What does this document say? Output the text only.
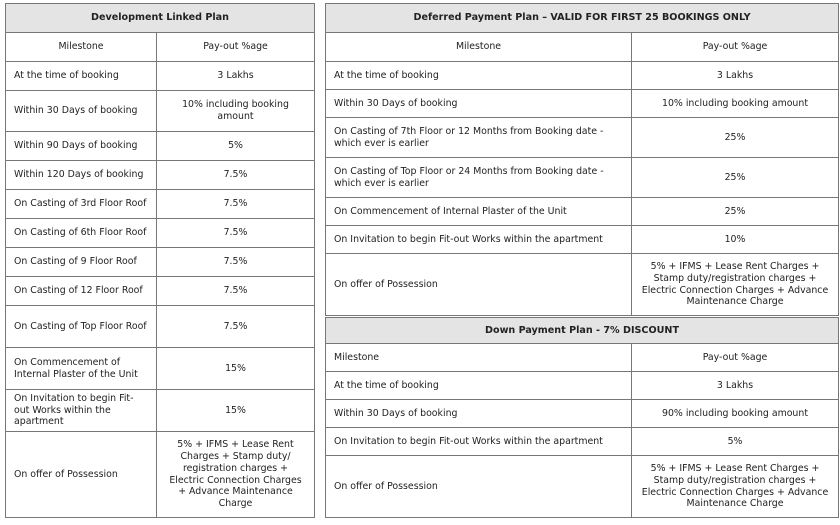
Development Linked Plan	
Milestone	Pay-out %age
At the time of booking	3 Lakhs
Within 30 Days of booking	10% including booking amount
Within 90 Days of booking	5%
Within 120 Days of booking	7.5%
On Casting of 3rd Floor Roof	7.5%
On Casting of 6th Floor Roof	7.5%
On Casting of 9 Floor Roof	7.5%
On Casting of 12 Floor Roof	7.5%
On Casting of Top Floor Roof	7.5%
On Commencement of Internal Plaster of the Unit	15%
On Invitation to begin Fit-out Works within the apartment	15%
On offer of Possession	5% + IFMS + Lease Rent Charges + Stamp duty/ registration charges + Electric Connection Charges + Advance Maintenance Charge
Deferred Payment Plan – VALID FOR FIRST 25 BOOKINGS ONLY	
Milestone	Pay-out %age
At the time of booking	3 Lakhs
Within 30 Days of booking	10% including booking amount
On Casting of 7th Floor or 12 Months from Booking date - which ever is earlier	25%
On Casting of Top Floor or 24 Months from Booking date - which ever is earlier	25%
On Commencement of Internal Plaster of the Unit	25%
On Invitation to begin Fit-out Works within the apartment	10%
On offer of Possession	5% + IFMS + Lease Rent Charges + Stamp duty/registration charges + Electric Connection Charges + Advance Maintenance Charge
Down Payment Plan - 7% DISCOUNT	
Milestone	Pay-out %age
At the time of booking	3 Lakhs
Within 30 Days of booking	90% including booking amount
On Invitation to begin Fit-out Works within the apartment	5%
On offer of Possession	5% + IFMS + Lease Rent Charges + Stamp duty/registration charges + Electric Connection Charges + Advance Maintenance Charge
